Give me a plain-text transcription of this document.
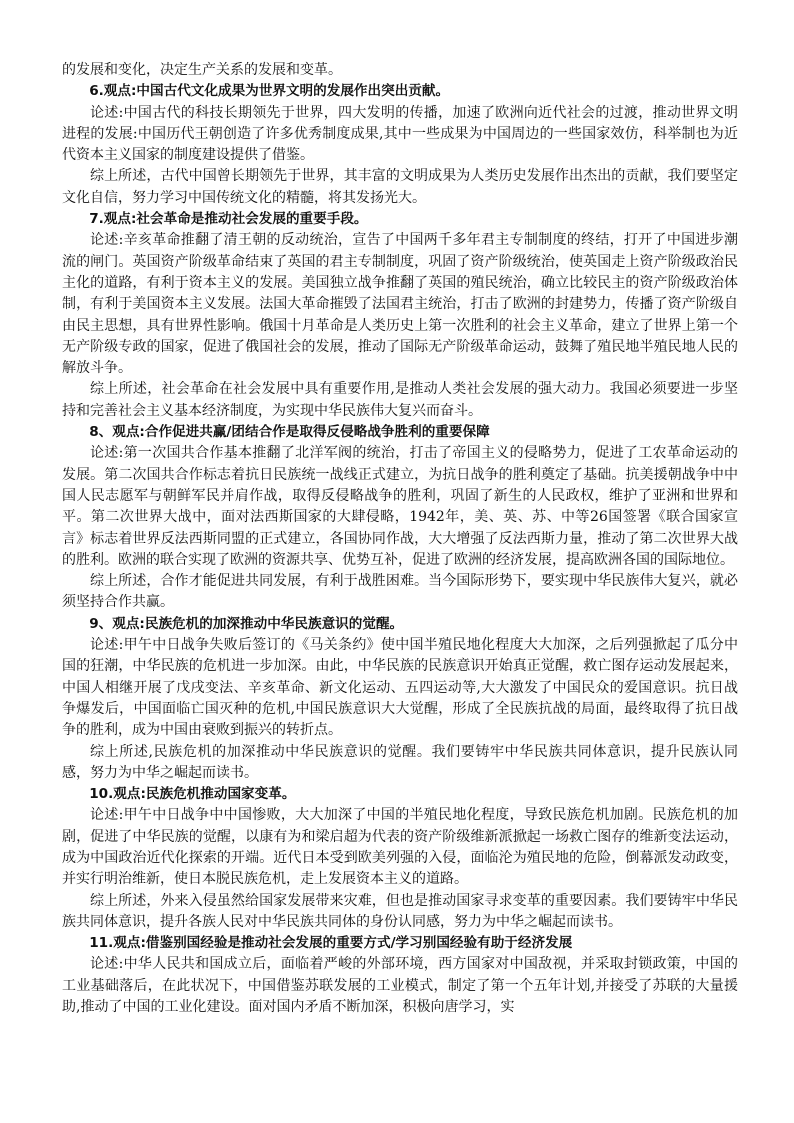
的发展和变化，决定生产关系的发展和变革。

6.观点:中国古代文化成果为世界文明的发展作出突出贡献。

论述:中国古代的科技长期领先于世界，四大发明的传播，加速了欧洲向近代社会的过渡，推动世界文明进程的发展:中国历代王朝创造了许多优秀制度成果,其中一些成果为中国周边的一些国家效仿，科举制也为近代资本主义国家的制度建设提供了借鉴。

综上所述，古代中国曾长期领先于世界，其丰富的文明成果为人类历史发展作出杰出的贡献，我们要坚定文化自信，努力学习中国传统文化的精髓，将其发扬光大。

7.观点:社会革命是推动社会发展的重要手段。

论述:辛亥革命推翻了清王朝的反动统治，宣告了中国两千多年君主专制制度的终结，打开了中国进步潮流的闸门。英国资产阶级革命结束了英国的君主专制制度，巩固了资产阶级统治，使英国走上资产阶级政治民主化的道路，有利于资本主义的发展。美国独立战争推翻了英国的殖民统治，确立比较民主的资产阶级政治体制，有利于美国资本主义发展。法国大革命摧毁了法国君主统治，打击了欧洲的封建势力，传播了资产阶级自由民主思想，具有世界性影响。俄国十月革命是人类历史上第一次胜利的社会主义革命，建立了世界上第一个无产阶级专政的国家，促进了俄国社会的发展，推动了国际无产阶级革命运动，鼓舞了殖民地半殖民地人民的解放斗争。

综上所述，社会革命在社会发展中具有重要作用,是推动人类社会发展的强大动力。我国必须要进一步坚持和完善社会主义基本经济制度，为实现中华民族伟大复兴而奋斗。

8、观点:合作促进共赢/团结合作是取得反侵略战争胜利的重要保障

论述:第一次国共合作基本推翻了北洋军阀的统治，打击了帝国主义的侵略势力，促进了工农革命运动的发展。第二次国共合作标志着抗日民族统一战线正式建立，为抗日战争的胜利奠定了基础。抗美援朝战争中中国人民志愿军与朝鲜军民并肩作战，取得反侵略战争的胜利，巩固了新生的人民政权，维护了亚洲和世界和平。第二次世界大战中，面对法西斯国家的大肆侵略，1942年，美、英、苏、中等26国签署《联合国家宣言》标志着世界反法西斯同盟的正式建立，各国协同作战，大大增强了反法西斯力量，推动了第二次世界大战的胜利。欧洲的联合实现了欧洲的资源共享、优势互补，促进了欧洲的经济发展，提高欧洲各国的国际地位。

综上所述，合作才能促进共同发展，有利于战胜困难。当今国际形势下，要实现中华民族伟大复兴，就必须坚持合作共赢。

9、观点:民族危机的加深推动中华民族意识的觉醒。

论述:甲午中日战争失败后签订的《马关条约》使中国半殖民地化程度大大加深，之后列强掀起了瓜分中国的狂潮，中华民族的危机进一步加深。由此，中华民族的民族意识开始真正觉醒，救亡图存运动发展起来，中国人相继开展了戊戌变法、辛亥革命、新文化运动、五四运动等,大大激发了中国民众的爱国意识。抗日战争爆发后，中国面临亡国灭种的危机,中国民族意识大大觉醒，形成了全民族抗战的局面，最终取得了抗日战争的胜利，成为中国由衰败到振兴的转折点。

综上所述,民族危机的加深推动中华民族意识的觉醒。我们要铸牢中华民族共同体意识，提升民族认同感，努力为中华之崛起而读书。

10.观点:民族危机推动国家变革。

论述:甲午中日战争中中国惨败，大大加深了中国的半殖民地化程度，导致民族危机加剧。民族危机的加剧，促进了中华民族的觉醒，以康有为和梁启超为代表的资产阶级维新派掀起一场救亡图存的维新变法运动，成为中国政治近代化探索的开端。近代日本受到欧美列强的入侵，面临沦为殖民地的危险，倒幕派发动政变，并实行明治维新，使日本脱民族危机，走上发展资本主义的道路。

综上所述，外来入侵虽然给国家发展带来灾难，但也是推动国家寻求变革的重要因素。我们要铸牢中华民族共同体意识，提升各族人民对中华民族共同体的身份认同感，努力为中华之崛起而读书。

11.观点:借鉴别国经验是推动社会发展的重要方式/学习别国经验有助于经济发展

论述:中华人民共和国成立后，面临着严峻的外部环境，西方国家对中国敌视，并采取封锁政策，中国的工业基础落后，在此状况下，中国借鉴苏联发展的工业模式，制定了第一个五年计划,并接受了苏联的大量援助,推动了中国的工业化建设。面对国内矛盾不断加深，积极向唐学习，实
